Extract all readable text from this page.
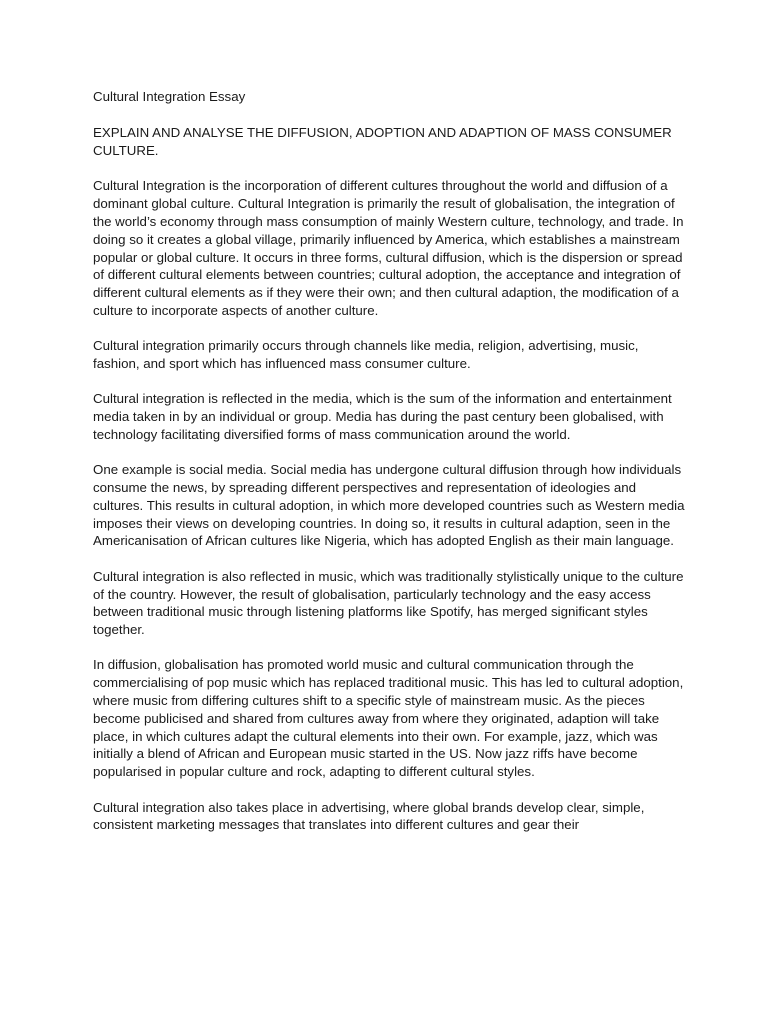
Cultural Integration Essay

EXPLAIN AND ANALYSE THE DIFFUSION, ADOPTION AND ADAPTION OF MASS CONSUMER CULTURE.

Cultural Integration is the incorporation of different cultures throughout the world and diffusion of a dominant global culture. Cultural Integration is primarily the result of globalisation, the integration of the world’s economy through mass consumption of mainly Western culture, technology, and trade. In doing so it creates a global village, primarily influenced by America, which establishes a mainstream popular or global culture. It occurs in three forms, cultural diffusion, which is the dispersion or spread of different cultural elements between countries; cultural adoption, the acceptance and integration of different cultural elements as if they were their own; and then cultural adaption, the modification of a culture to incorporate aspects of another culture.

Cultural integration primarily occurs through channels like media, religion, advertising, music, fashion, and sport which has influenced mass consumer culture.

Cultural integration is reflected in the media, which is the sum of the information and entertainment media taken in by an individual or group. Media has during the past century been globalised, with technology facilitating diversified forms of mass communication around the world.

One example is social media. Social media has undergone cultural diffusion through how individuals consume the news, by spreading different perspectives and representation of ideologies and cultures. This results in cultural adoption, in which more developed countries such as Western media imposes their views on developing countries. In doing so, it results in cultural adaption, seen in the Americanisation of African cultures like Nigeria, which has adopted English as their main language.

Cultural integration is also reflected in music, which was traditionally stylistically unique to the culture of the country. However, the result of globalisation, particularly technology and the easy access between traditional music through listening platforms like Spotify, has merged significant styles together.

In diffusion, globalisation has promoted world music and cultural communication through the commercialising of pop music which has replaced traditional music. This has led to cultural adoption, where music from differing cultures shift to a specific style of mainstream music. As the pieces become publicised and shared from cultures away from where they originated, adaption will take place, in which cultures adapt the cultural elements into their own. For example, jazz, which was initially a blend of African and European music started in the US. Now jazz riffs have become popularised in popular culture and rock, adapting to different cultural styles.

Cultural integration also takes place in advertising, where global brands develop clear, simple, consistent marketing messages that translates into different cultures and gear their
